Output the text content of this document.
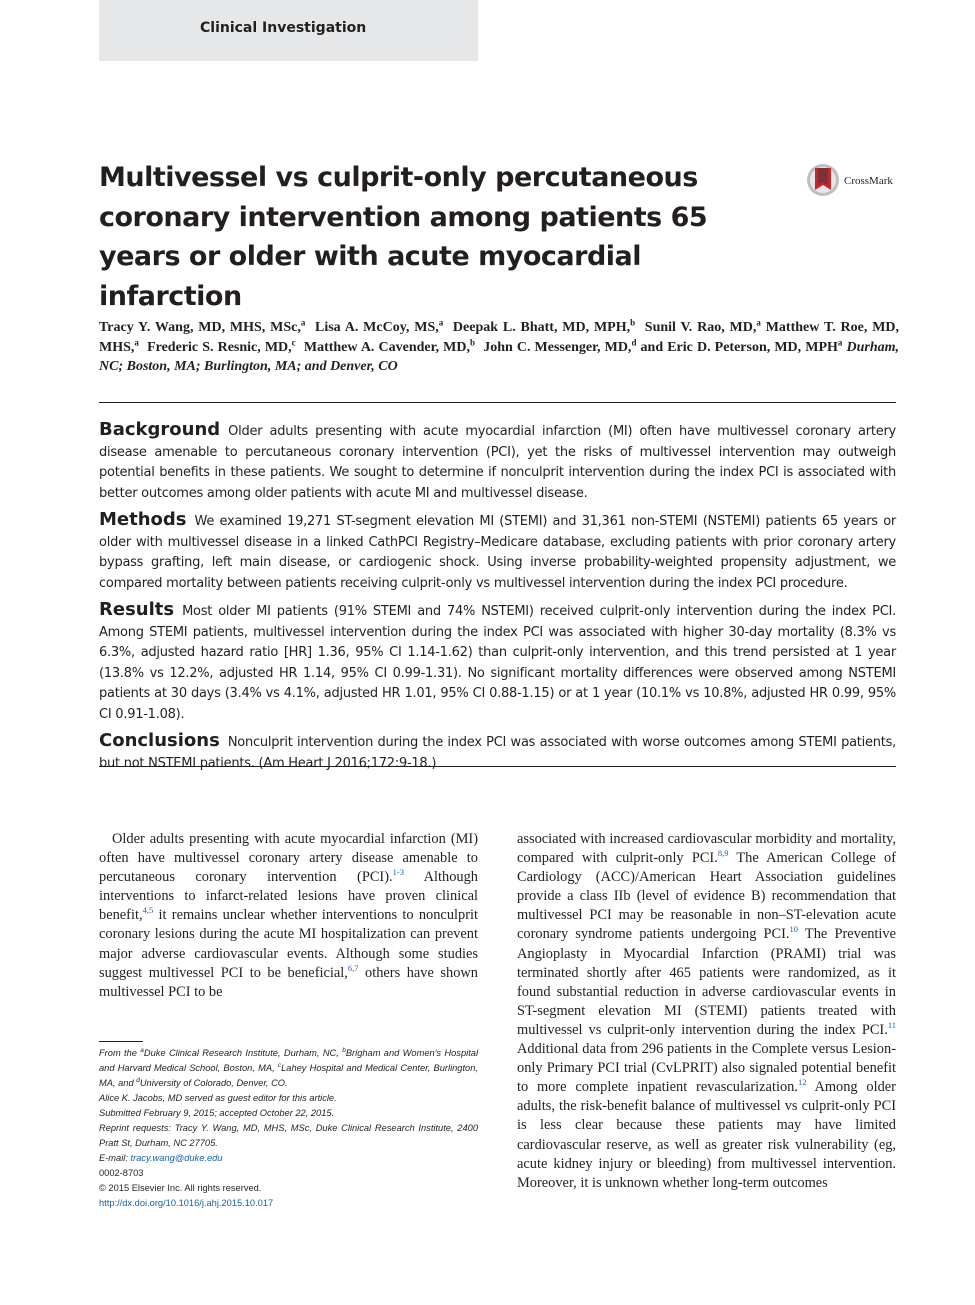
Clinical Investigation
Multivessel vs culprit-only percutaneous coronary intervention among patients 65 years or older with acute myocardial infarction
CrossMark
Tracy Y. Wang, MD, MHS, MSc,$^a$ Lisa A. McCoy, MS,$^a$ Deepak L. Bhatt, MD, MPH,$^b$ Sunil V. Rao, MD,$^a$ Matthew T. Roe, MD, MHS,$^a$ Frederic S. Resnic, MD,$^c$ Matthew A. Cavender, MD,$^b$ John C. Messenger, MD,$^d$ and Eric D. Peterson, MD, MPH$^a$ Durham, NC; Boston, MA; Burlington, MA; and Denver, CO

Background Older adults presenting with acute myocardial infarction (MI) often have multivessel coronary artery disease amenable to percutaneous coronary intervention (PCI), yet the risks of multivessel intervention may outweigh potential benefits in these patients. We sought to determine if nonculprit intervention during the index PCI is associated with better outcomes among older patients with acute MI and multivessel disease.

Methods We examined 19,271 ST-segment elevation MI (STEMI) and 31,361 non-STEMI (NSTEMI) patients 65 years or older with multivessel disease in a linked CathPCI Registry–Medicare database, excluding patients with prior coronary artery bypass grafting, left main disease, or cardiogenic shock. Using inverse probability-weighted propensity adjustment, we compared mortality between patients receiving culprit-only vs multivessel intervention during the index PCI procedure.

Results Most older MI patients (91% STEMI and 74% NSTEMI) received culprit-only intervention during the index PCI. Among STEMI patients, multivessel intervention during the index PCI was associated with higher 30-day mortality (8.3% vs 6.3%, adjusted hazard ratio [HR] 1.36, 95% CI 1.14-1.62) than culprit-only intervention, and this trend persisted at 1 year (13.8% vs 12.2%, adjusted HR 1.14, 95% CI 0.99-1.31). No significant mortality differences were observed among NSTEMI patients at 30 days (3.4% vs 4.1%, adjusted HR 1.01, 95% CI 0.88-1.15) or at 1 year (10.1% vs 10.8%, adjusted HR 0.99, 95% CI 0.91-1.08).

Conclusions Nonculprit intervention during the index PCI was associated with worse outcomes among STEMI patients, but not NSTEMI patients. (Am Heart J 2016;172:9-18.)

Older adults presenting with acute myocardial infarction (MI) often have multivessel coronary artery disease amenable to percutaneous coronary intervention (PCI).$^{1-3}$ Although interventions to infarct-related lesions have proven clinical benefit,$^{4,5}$ it remains unclear whether interventions to nonculprit coronary lesions during the acute MI hospitalization can prevent major adverse cardiovascular events. Although some studies suggest multivessel PCI to be beneficial,$^{6,7}$ others have shown multivessel PCI to be

From the $^a$Duke Clinical Research Institute, Durham, NC, $^b$Brigham and Women's Hospital and Harvard Medical School, Boston, MA, $^c$Lahey Hospital and Medical Center, Burlington, MA, and $^d$University of Colorado, Denver, CO.

Alice K. Jacobs, MD served as guest editor for this article.

Submitted February 9, 2015; accepted October 22, 2015.

Reprint requests: Tracy Y. Wang, MD, MHS, MSc, Duke Clinical Research Institute, 2400 Pratt St, Durham, NC 27705.

E-mail: tracy.wang@duke.edu

0002-8703

© 2015 Elsevier Inc. All rights reserved.

http://dx.doi.org/10.1016/j.ahj.2015.10.017

associated with increased cardiovascular morbidity and mortality, compared with culprit-only PCI.$^{8,9}$ The American College of Cardiology (ACC)/American Heart Association guidelines provide a class IIb (level of evidence B) recommendation that multivessel PCI may be reasonable in non–ST-elevation acute coronary syndrome patients undergoing PCI.$^{10}$ The Preventive Angioplasty in Myocardial Infarction (PRAMI) trial was terminated shortly after 465 patients were randomized, as it found substantial reduction in adverse cardiovascular events in ST-segment elevation MI (STEMI) patients treated with multivessel vs culprit-only intervention during the index PCI.$^{11}$ Additional data from 296 patients in the Complete versus Lesion-only Primary PCI trial (CvLPRIT) also signaled potential benefit to more complete inpatient revascularization.$^{12}$ Among older adults, the risk-benefit balance of multivessel vs culprit-only PCI is less clear because these patients may have limited cardiovascular reserve, as well as greater risk vulnerability (eg, acute kidney injury or bleeding) from multivessel intervention. Moreover, it is unknown whether long-term outcomes
